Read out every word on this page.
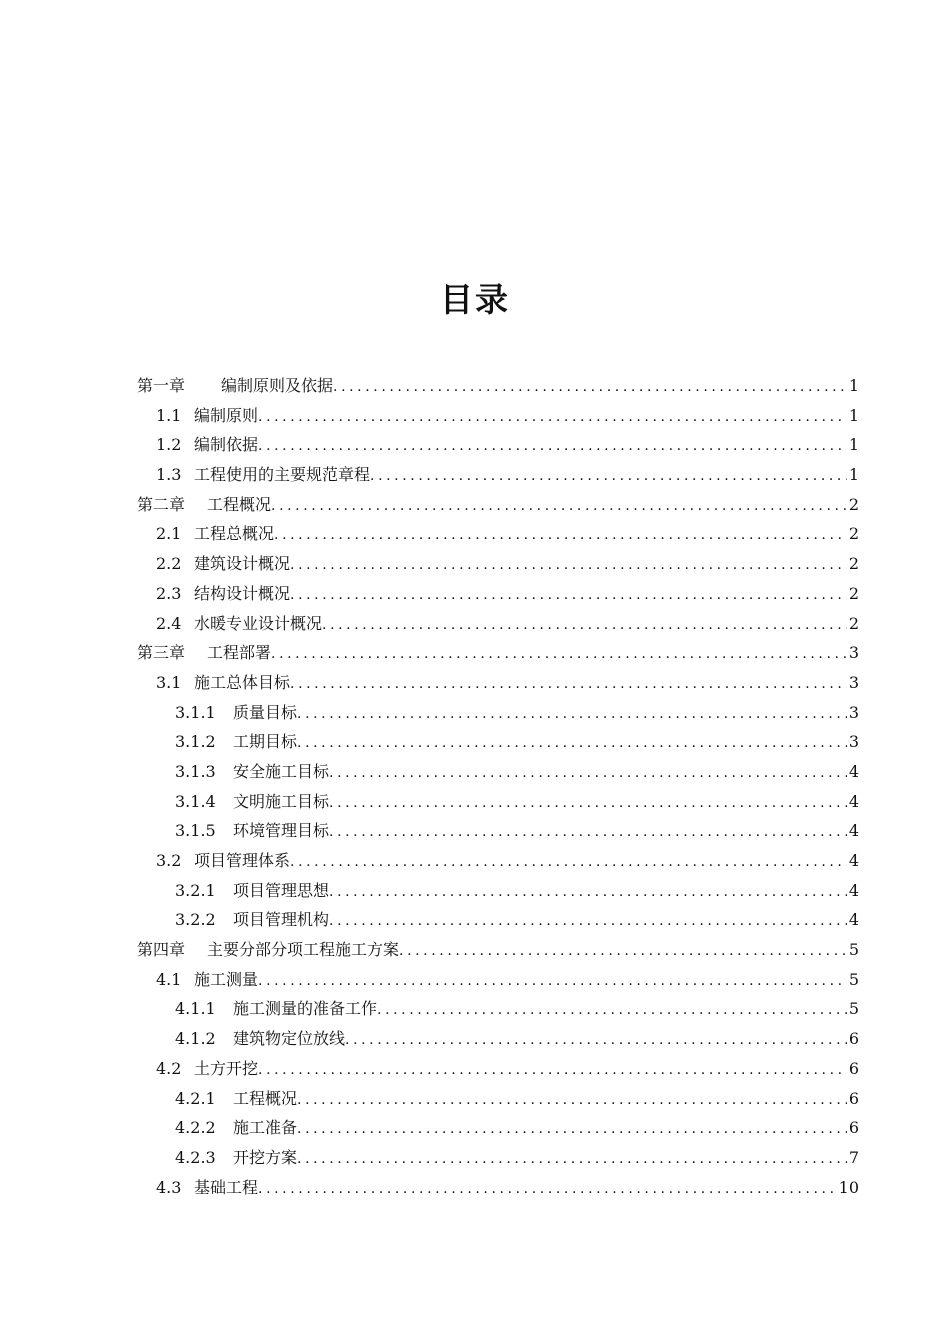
目录
第一章	编制原则及依据 .....	1
1.1 编制原则 .....	1
1.2 编制依据 .....	1
1.3 工程使用的主要规范章程 .....	1
第二章	工程概况 .....	2
2.1 工程总概况 .....	2
2.2 建筑设计概况 .....	2
2.3 结构设计概况 .....	2
2.4 水暖专业设计概况 .....	2
第三章	工程部署 .....	3
3.1 施工总体目标 .....	3
3.1.1	质量目标 .....	3
3.1.2	工期目标 .....	3
3.1.3	安全施工目标 .....	4
3.1.4	文明施工目标 .....	4
3.1.5	环境管理目标 .....	4
3.2 项目管理体系 .....	4
3.2.1	项目管理思想 .....	4
3.2.2	项目管理机构 .....	4
第四章	主要分部分项工程施工方案 .....	5
4.1 施工测量 .....	5
4.1.1	施工测量的准备工作 .....	5
4.1.2	建筑物定位放线 .....	6
4.2 土方开挖 .....	6
4.2.1	工程概况 .....	6
4.2.2	施工准备 .....	6
4.2.3	开挖方案 .....	7
4.3 基础工程 .....	10
